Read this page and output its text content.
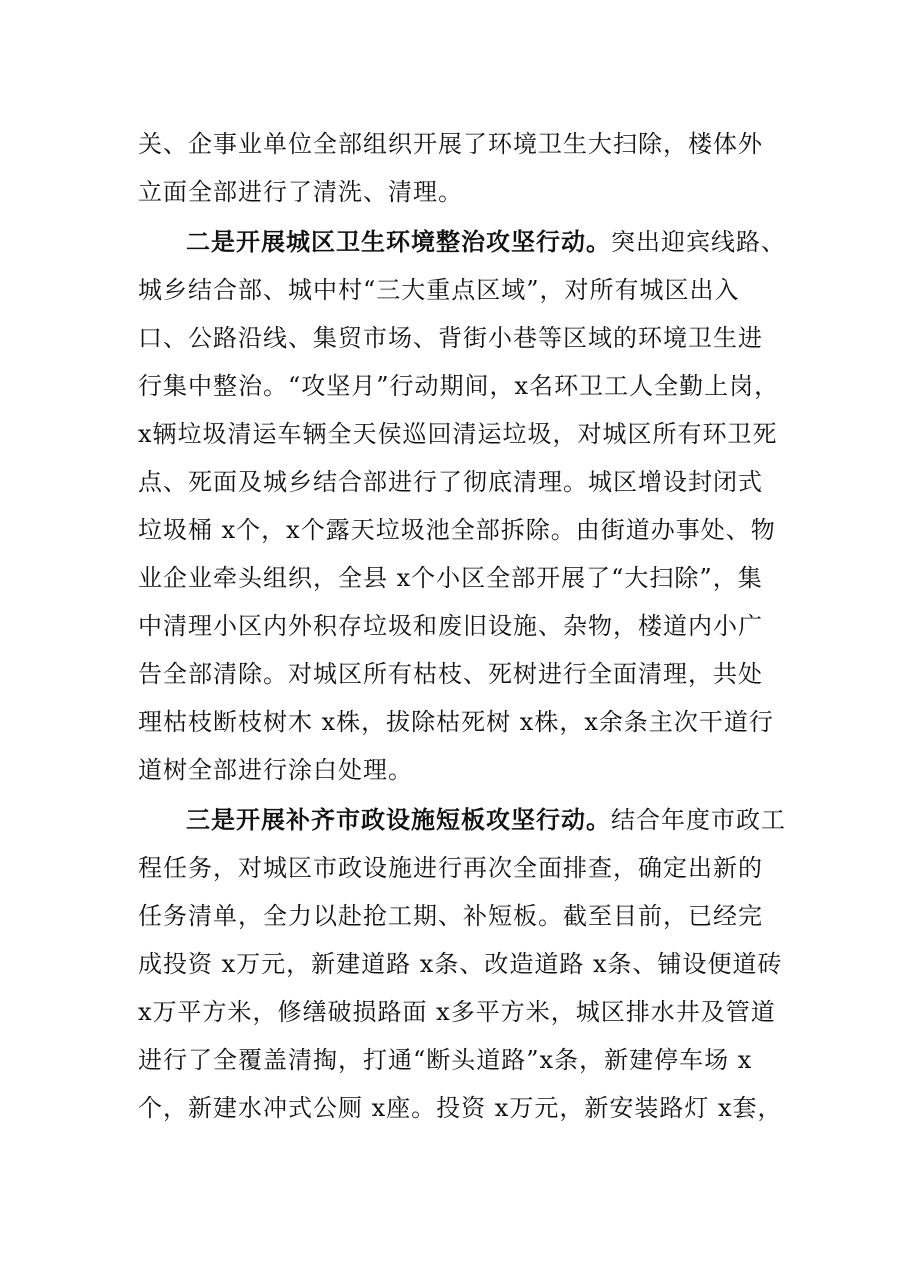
关、企事业单位全部组织开展了环境卫生大扫除，楼体外
立面全部进行了清洗、清理。
二是开展城区卫生环境整治攻坚行动。突出迎宾线路、
城乡结合部、城中村“三大重点区域”，对所有城区出入
口、公路沿线、集贸市场、背街小巷等区域的环境卫生进
行集中整治。“攻坚月”行动期间，x名环卫工人全勤上岗，
x辆垃圾清运车辆全天侯巡回清运垃圾，对城区所有环卫死
点、死面及城乡结合部进行了彻底清理。城区增设封闭式
垃圾桶 x个，x个露天垃圾池全部拆除。由街道办事处、物
业企业牵头组织，全县 x个小区全部开展了“大扫除”，集
中清理小区内外积存垃圾和废旧设施、杂物，楼道内小广
告全部清除。对城区所有枯枝、死树进行全面清理，共处
理枯枝断枝树木 x株，拔除枯死树 x株，x余条主次干道行
道树全部进行涂白处理。
三是开展补齐市政设施短板攻坚行动。结合年度市政工
程任务，对城区市政设施进行再次全面排查，确定出新的
任务清单，全力以赴抢工期、补短板。截至目前，已经完
成投资 x万元，新建道路 x条、改造道路 x条、铺设便道砖
x万平方米，修缮破损路面 x多平方米，城区排水井及管道
进行了全覆盖清掏，打通“断头道路”x条，新建停车场 x
个，新建水冲式公厕 x座。投资 x万元，新安装路灯 x套，
